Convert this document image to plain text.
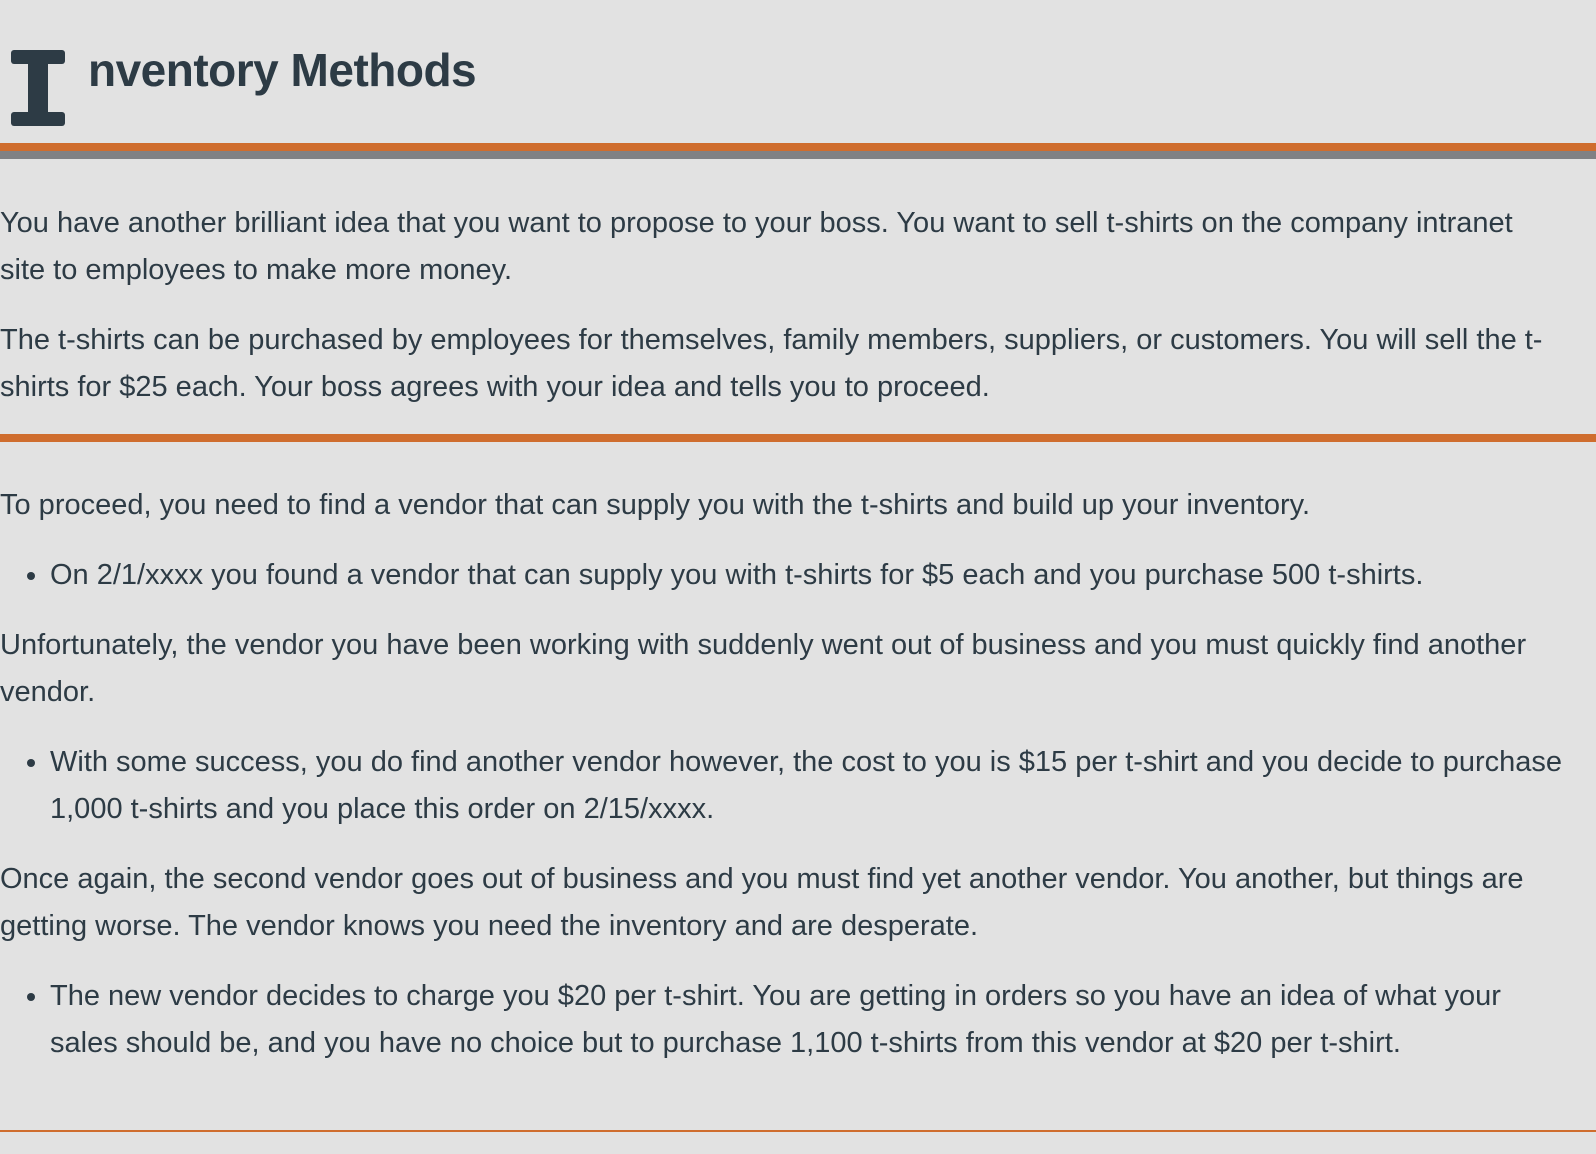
nventory Methods

You have another brilliant idea that you want to propose to your boss. You want to sell t-shirts on the company intranet site to employees to make more money.

The t-shirts can be purchased by employees for themselves, family members, suppliers, or customers. You will sell the t-shirts for $25 each. Your boss agrees with your idea and tells you to proceed.

To proceed, you need to find a vendor that can supply you with the t-shirts and build up your inventory.

• On 2/1/xxxx you found a vendor that can supply you with t-shirts for $5 each and you purchase 500 t-shirts.

Unfortunately, the vendor you have been working with suddenly went out of business and you must quickly find another vendor.

• With some success, you do find another vendor however, the cost to you is $15 per t-shirt and you decide to purchase 1,000 t-shirts and you place this order on 2/15/xxxx.

Once again, the second vendor goes out of business and you must find yet another vendor. You another, but things are getting worse. The vendor knows you need the inventory and are desperate.

• The new vendor decides to charge you $20 per t-shirt. You are getting in orders so you have an idea of what your sales should be, and you have no choice but to purchase 1,100 t-shirts from this vendor at $20 per t-shirt.
